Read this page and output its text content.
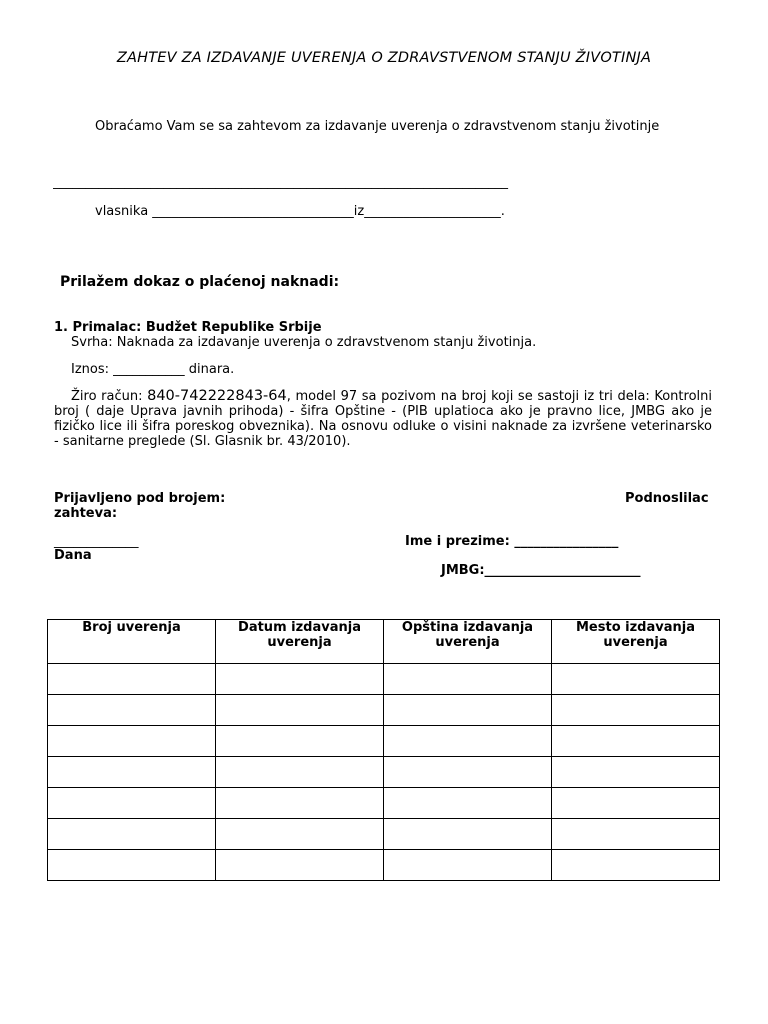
ZAHTEV ZA IZDAVANJE UVERENJA O ZDRAVSTVENOM STANJU ŽIVOTINJA
Obraćamo Vam se sa zahtevom za izdavanje uverenja o zdravstvenom stanju životinje
______________________________________________________________________
vlasnika _______________________________iz_____________________.
Prilažem dokaz o plaćenoj naknadi:
1. Primalac: Budžet Republike Srbije
Svrha: Naknada za izdavanje uverenja o zdravstvenom stanju životinja.
Iznos: ___________ dinara.
Žiro račun: 840-742222843-64, model 97 sa pozivom na broj koji se sastoji iz tri dela: Kontrolni broj ( daje Uprava javnih prihoda) - šifra Opštine - (PIB uplatioca ako je pravno lice, JMBG ako je fizičko lice ili šifra poreskog obveznika). Na osnovu odluke o visini naknade za izvršene veterinarsko - sanitarne preglede (Sl. Glasnik br. 43/2010).
Prijavljeno pod brojem:
zahteva:
Podnoslilac
_____________
Dana
Ime i prezime: ________________
JMBG:________________________
Broj uverenja	Datum izdavanja uverenja	Opština izdavanja uverenja	Mesto izdavanja uverenja
